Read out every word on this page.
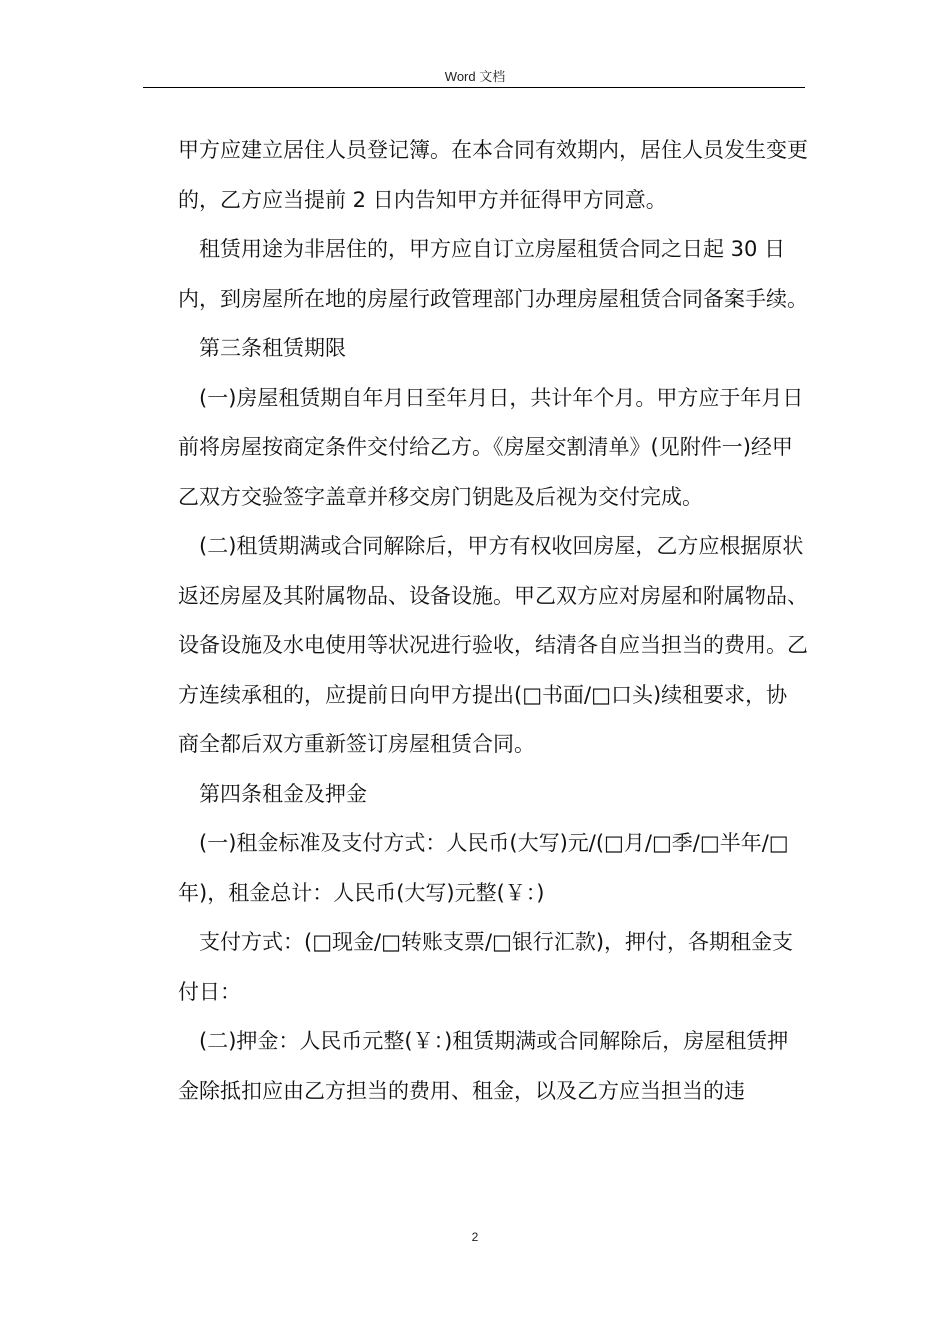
Word 文档

甲方应建立居住人员登记簿。在本合同有效期内，居住人员发生变更的，乙方应当提前 2 日内告知甲方并征得甲方同意。

租赁用途为非居住的，甲方应自订立房屋租赁合同之日起 30 日内，到房屋所在地的房屋行政管理部门办理房屋租赁合同备案手续。

第三条租赁期限

(一)房屋租赁期自年月日至年月日，共计年个月。甲方应于年月日前将房屋按商定条件交付给乙方。《房屋交割清单》(见附件一)经甲乙双方交验签字盖章并移交房门钥匙及后视为交付完成。

(二)租赁期满或合同解除后，甲方有权收回房屋，乙方应根据原状返还房屋及其附属物品、设备设施。甲乙双方应对房屋和附属物品、设备设施及水电使用等状况进行验收，结清各自应当担当的费用。乙方连续承租的，应提前日向甲方提出(□书面/□口头)续租要求，协商全都后双方重新签订房屋租赁合同。

第四条租金及押金

(一)租金标准及支付方式：人民币(大写)元/(□月/□季/□半年/□年)，租金总计：人民币(大写)元整(￥：)

支付方式：(□现金/□转账支票/□银行汇款)，押付，各期租金支付日：

(二)押金：人民币元整(￥：)租赁期满或合同解除后，房屋租赁押金除抵扣应由乙方担当的费用、租金，以及乙方应当担当的违

2
